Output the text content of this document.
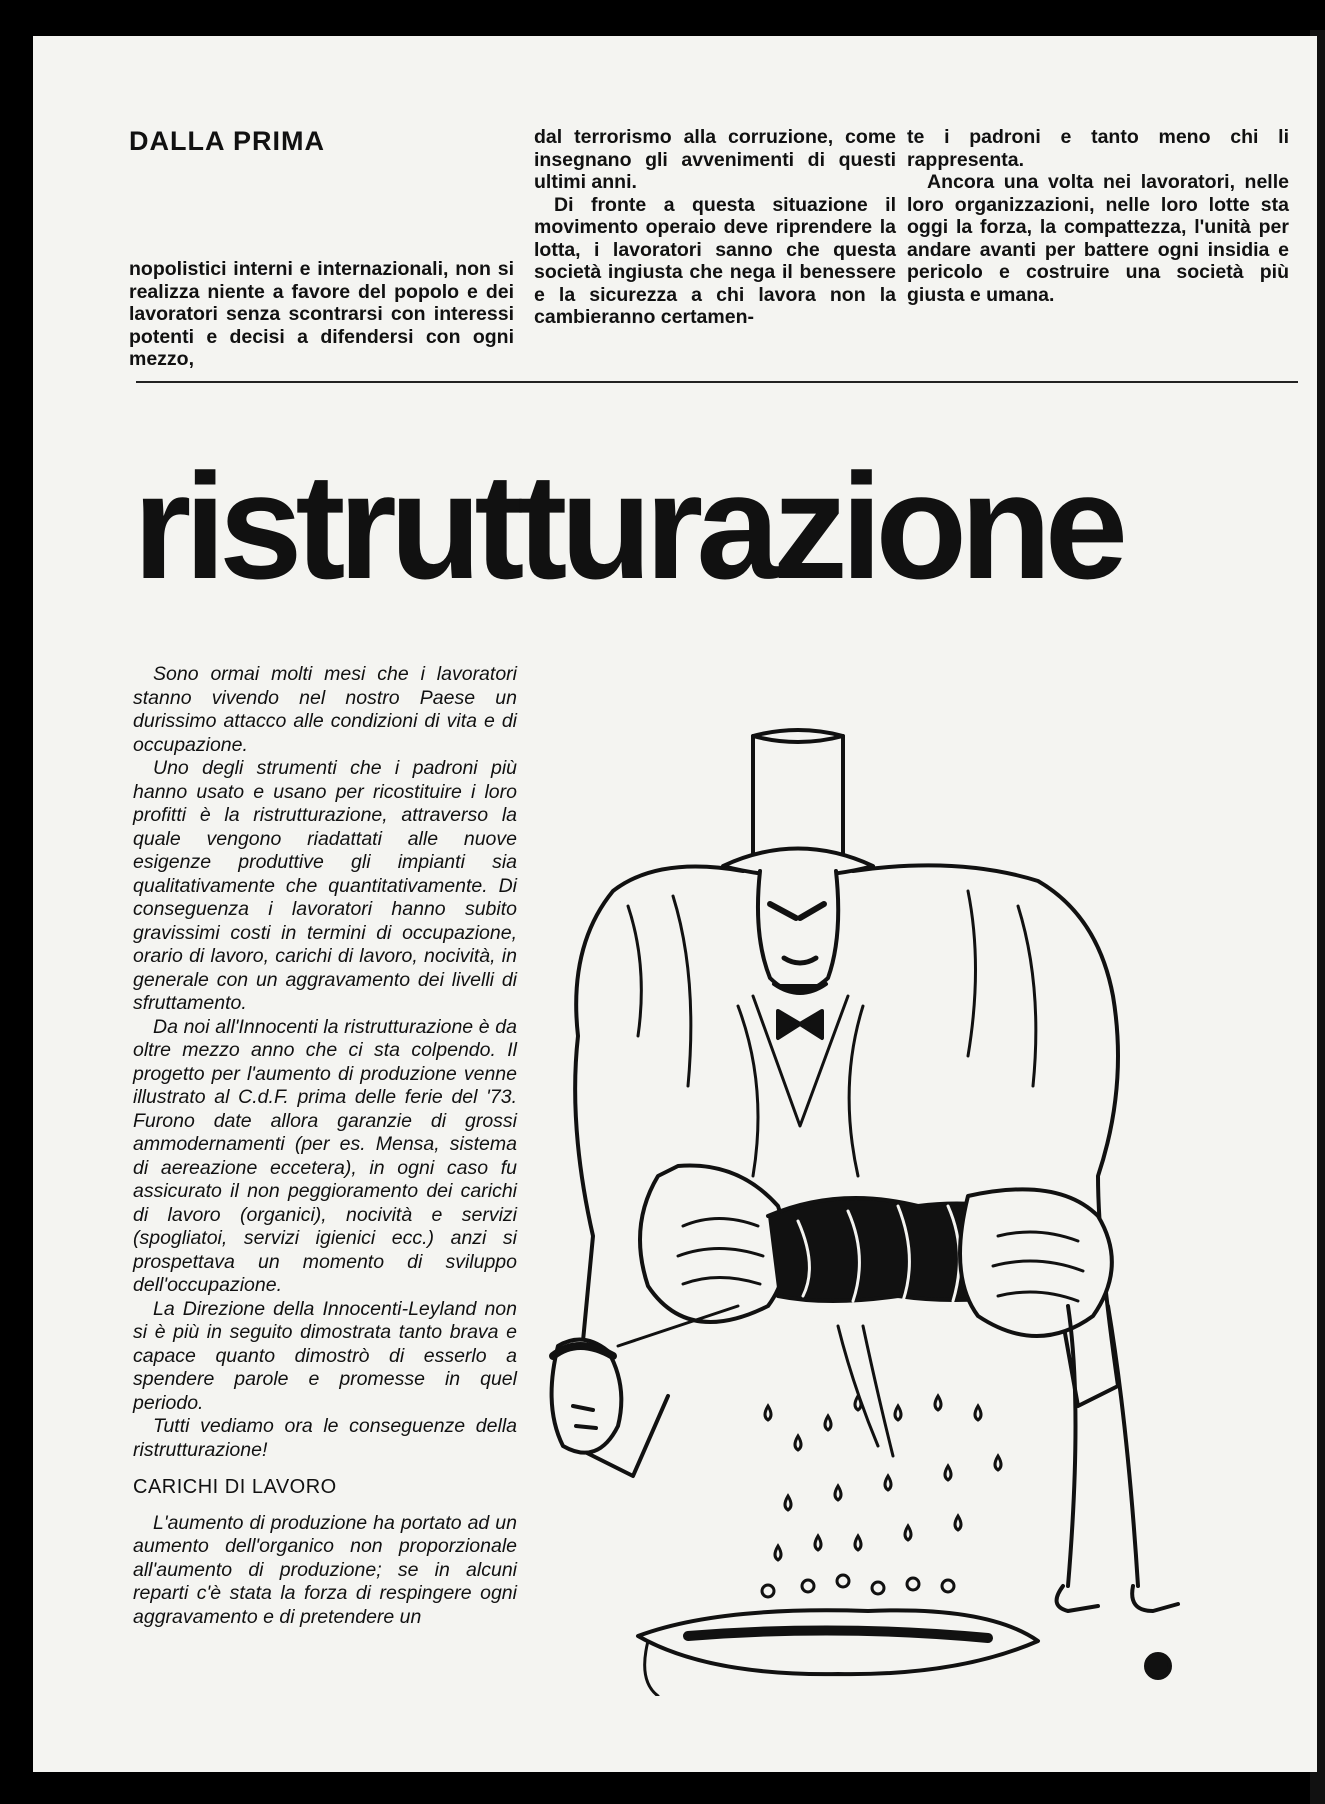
DALLA PRIMA

nopolistici interni e internazionali, non si realizza niente a favore del popolo e dei lavoratori senza scontrarsi con interessi potenti e decisi a difendersi con ogni mezzo,

dal terrorismo alla corruzione, come insegnano gli avvenimenti di questi ultimi anni.

Di fronte a questa situazione il movimento operaio deve riprendere la lotta, i lavoratori sanno che questa società ingiusta che nega il benessere e la sicurezza a chi lavora non la cambieranno certamen-

te i padroni e tanto meno chi li rappresenta.

Ancora una volta nei lavoratori, nelle loro organizzazioni, nelle loro lotte sta oggi la forza, la compattezza, l'unità per andare avanti per battere ogni insidia e pericolo e costruire una società più giusta e umana.

ristrutturazione

Sono ormai molti mesi che i lavoratori stanno vivendo nel nostro Paese un durissimo attacco alle condizioni di vita e di occupazione.

Uno degli strumenti che i padroni più hanno usato e usano per ricostituire i loro profitti è la ristrutturazione, attraverso la quale vengono riadattati alle nuove esigenze produttive gli impianti sia qualitativamente che quantitativamente. Di conseguenza i lavoratori hanno subito gravissimi costi in termini di occupazione, orario di lavoro, carichi di lavoro, nocività, in generale con un aggravamento dei livelli di sfruttamento.

Da noi all'Innocenti la ristrutturazione è da oltre mezzo anno che ci sta colpendo. Il progetto per l'aumento di produzione venne illustrato al C.d.F. prima delle ferie del '73. Furono date allora garanzie di grossi ammodernamenti (per es. Mensa, sistema di aereazione eccetera), in ogni caso fu assicurato il non peggioramento dei carichi di lavoro (organici), nocività e servizi (spogliatoi, servizi igienici ecc.) anzi si prospettava un momento di sviluppo dell'occupazione.

La Direzione della Innocenti-Leyland non si è più in seguito dimostrata tanto brava e capace quanto dimostrò di esserlo a spendere parole e promesse in quel periodo.

Tutti vediamo ora le conseguenze della ristrutturazione!

CARICHI DI LAVORO

L'aumento di produzione ha portato ad un aumento dell'organico non proporzionale all'aumento di produzione; se in alcuni reparti c'è stata la forza di respingere ogni aggravamento e di pretendere un
